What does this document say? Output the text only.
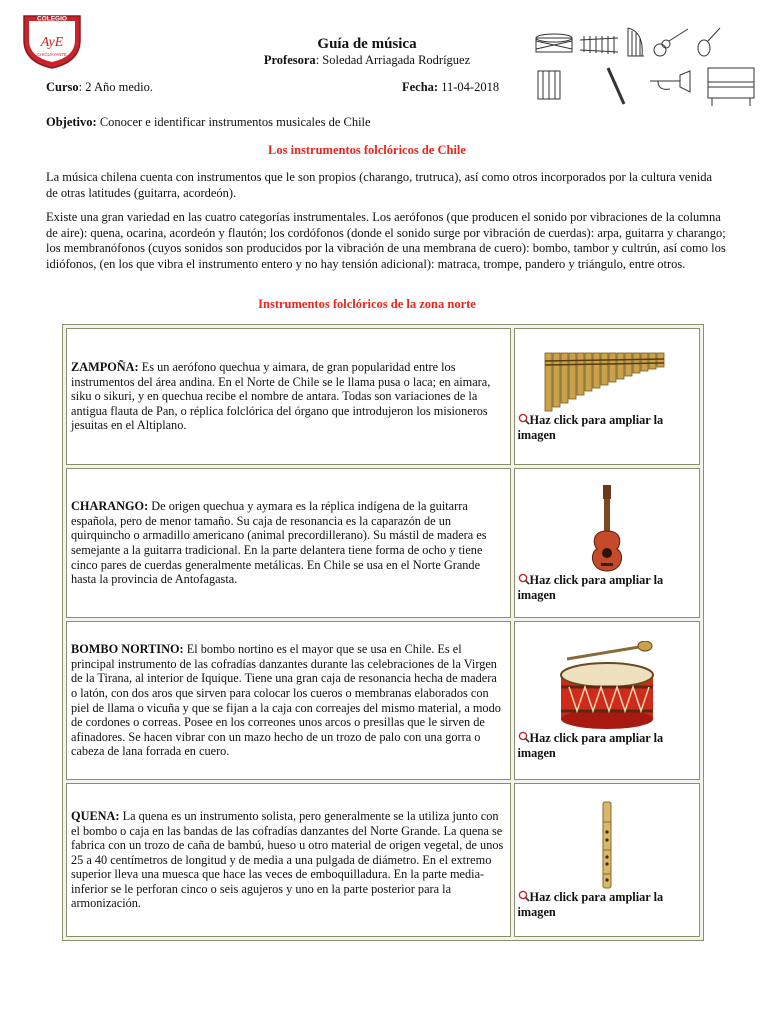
COLEGIO
AyE
CHIGUAYANTE
Guía de música
Profesora: Soledad Arriagada Rodríguez
Curso: 2 Año medio.	Fecha: 11-04-2018
Objetivo: Conocer e identificar instrumentos musicales de Chile
Los instrumentos folclóricos de Chile
La música chilena cuenta con instrumentos que le son propios (charango, trutruca), así como otros incorporados por la cultura venida de otras latitudes (guitarra, acordeón).
Existe una gran variedad en las cuatro categorías instrumentales. Los aerófonos (que producen el sonido por vibraciones de la columna de aire): quena, ocarina, acordeón y flautón; los cordófonos (donde el sonido surge por vibración de cuerdas): arpa, guitarra y charango; los membranófonos (cuyos sonidos son producidos por la vibración de una membrana de cuero): bombo, tambor y cultrún, así como los idiófonos, (en los que vibra el instrumento entero y no hay tensión adicional): matraca, trompe, pandero y triángulo, entre otros.
Instrumentos folclóricos de la zona norte
ZAMPOÑA: Es un aerófono quechua y aimara, de gran popularidad entre los instrumentos del área andina. En el Norte de Chile se le llama pusa o laca; en aimara, siku o sikuri, y en quechua recibe el nombre de antara. Todas son variaciones de la antigua flauta de Pan, o réplica folclórica del órgano que introdujeron los misioneros jesuitas en el Altiplano.	Haz click para ampliar la imagen
CHARANGO: De origen quechua y aymara es la réplica indígena de la guitarra española, pero de menor tamaño. Su caja de resonancia es la caparazón de un quirquincho o armadillo americano (animal precordillerano). Su mástil de madera es semejante a la guitarra tradicional. En la parte delantera tiene forma de ocho y tiene cinco pares de cuerdas generalmente metálicas. En Chile se usa en el Norte Grande hasta la provincia de Antofagasta.	Haz click para ampliar la imagen
BOMBO NORTINO: El bombo nortino es el mayor que se usa en Chile. Es el principal instrumento de las cofradías danzantes durante las celebraciones de la Virgen de la Tirana, al interior de Iquique. Tiene una gran caja de resonancia hecha de madera o latón, con dos aros que sirven para colocar los cueros o membranas elaborados con piel de llama o vicuña y que se fijan a la caja con correajes del mismo material, a modo de cordones o correas. Posee en los correones unos arcos o presillas que le sirven de afinadores. Se hacen vibrar con un mazo hecho de un trozo de palo con una gorra o cabeza de lana forrada en cuero.	Haz click para ampliar la imagen
QUENA: La quena es un instrumento solista, pero generalmente se la utiliza junto con el bombo o caja en las bandas de las cofradías danzantes del Norte Grande. La quena se fabrica con un trozo de caña de bambú, hueso u otro material de origen vegetal, de unos 25 a 40 centímetros de longitud y de media a una pulgada de diámetro. En el extremo superior lleva una muesca que hace las veces de emboquilladura. En la parte media-inferior se le perforan cinco o seis agujeros y uno en la parte posterior para la armonización.	Haz click para ampliar la imagen
